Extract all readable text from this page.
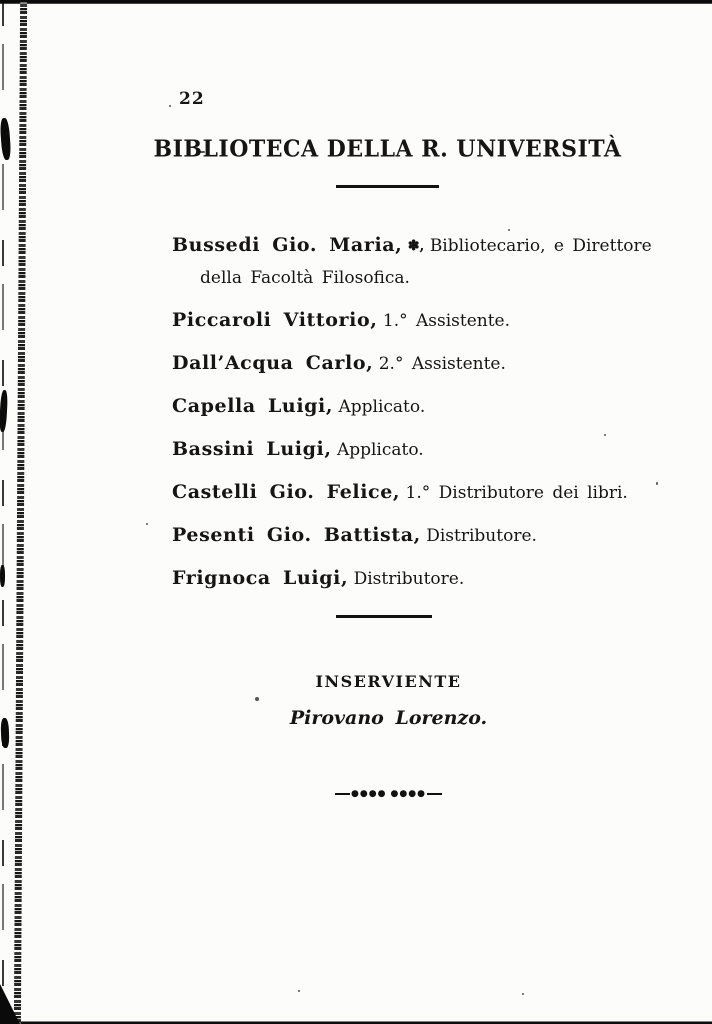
22
BIBLIOTECA DELLA R. UNIVERSITÀ

Bussedi Gio. Maria, ✽, Bibliotecario, e Direttore
della Facoltà Filosofica.

Piccaroli Vittorio, 1.° Assistente.

Dall’Acqua Carlo, 2.° Assistente.

Capella Luigi, Applicato.

Bassini Luigi, Applicato.

Castelli Gio. Felice, 1.° Distributore dei libri.

Pesenti Gio. Battista, Distributore.

Frignoca Luigi, Distributore.

INSERVIENTE
Pirovano Lorenzo.
●●●● ●●●●
